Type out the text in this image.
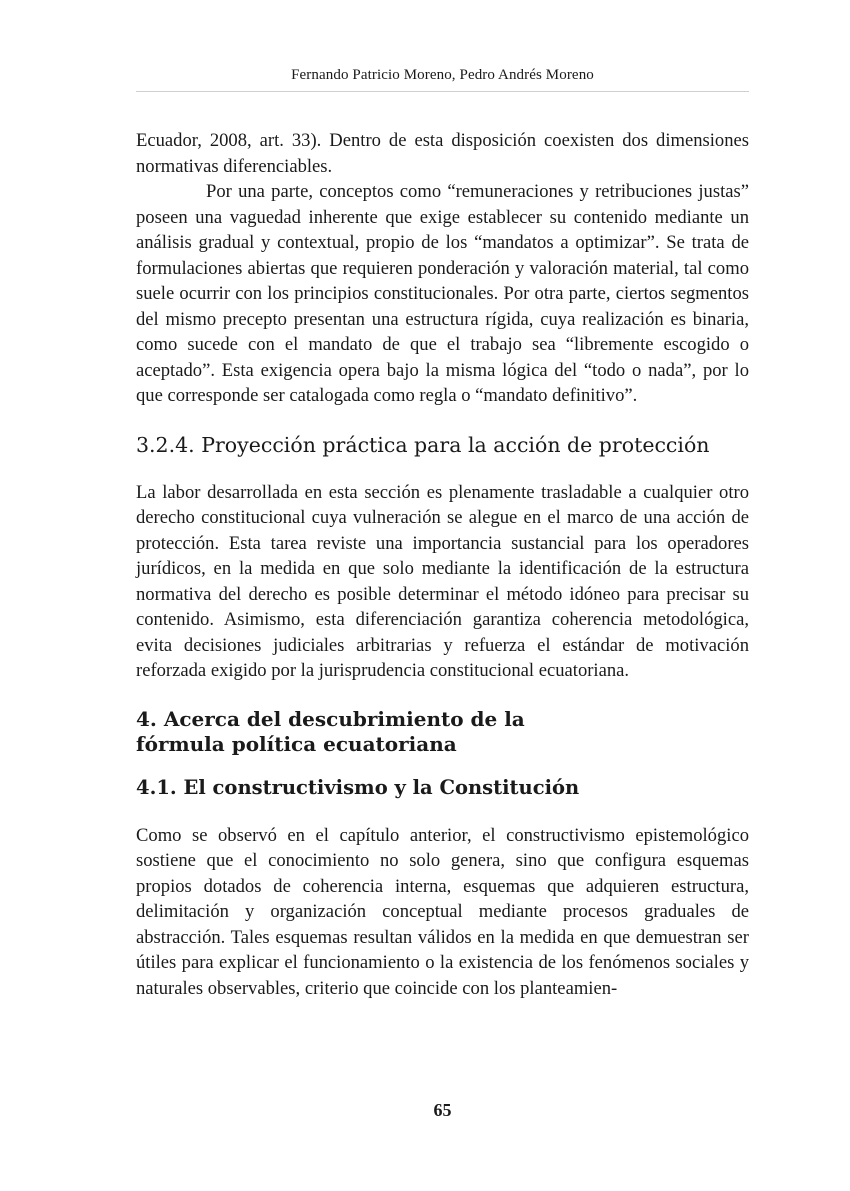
Fernando Patricio Moreno, Pedro Andrés Moreno

Ecuador, 2008, art. 33). Dentro de esta disposición coexisten dos dimensiones normativas diferenciables.

Por una parte, conceptos como “remuneraciones y retribuciones justas” poseen una vaguedad inherente que exige establecer su contenido mediante un análisis gradual y contextual, propio de los “mandatos a optimizar”. Se trata de formulaciones abiertas que requieren ponderación y valoración material, tal como suele ocurrir con los principios constitucionales. Por otra parte, ciertos segmentos del mismo precepto presentan una estructura rígida, cuya realización es binaria, como sucede con el mandato de que el trabajo sea “libremente escogido o aceptado”. Esta exigencia opera bajo la misma lógica del “todo o nada”, por lo que corresponde ser catalogada como regla o “mandato definitivo”.

3.2.4. Proyección práctica para la acción de protección

La labor desarrollada en esta sección es plenamente trasladable a cualquier otro derecho constitucional cuya vulneración se alegue en el marco de una acción de protección. Esta tarea reviste una importancia sustancial para los operadores jurídicos, en la medida en que solo mediante la identificación de la estructura normativa del derecho es posible determinar el método idóneo para precisar su contenido. Asimismo, esta diferenciación garantiza coherencia metodológica, evita decisiones judiciales arbitrarias y refuerza el estándar de motivación reforzada exigido por la jurisprudencia constitucional ecuatoriana.

4. Acerca del descubrimiento de la fórmula política ecuatoriana
4.1. El constructivismo y la Constitución

Como se observó en el capítulo anterior, el constructivismo epistemológico sostiene que el conocimiento no solo genera, sino que configura esquemas propios dotados de coherencia interna, esquemas que adquieren estructura, delimitación y organización conceptual mediante procesos graduales de abstracción. Tales esquemas resultan válidos en la medida en que demuestran ser útiles para explicar el funcionamiento o la existencia de los fenómenos sociales y naturales observables, criterio que coincide con los planteamien-

65
